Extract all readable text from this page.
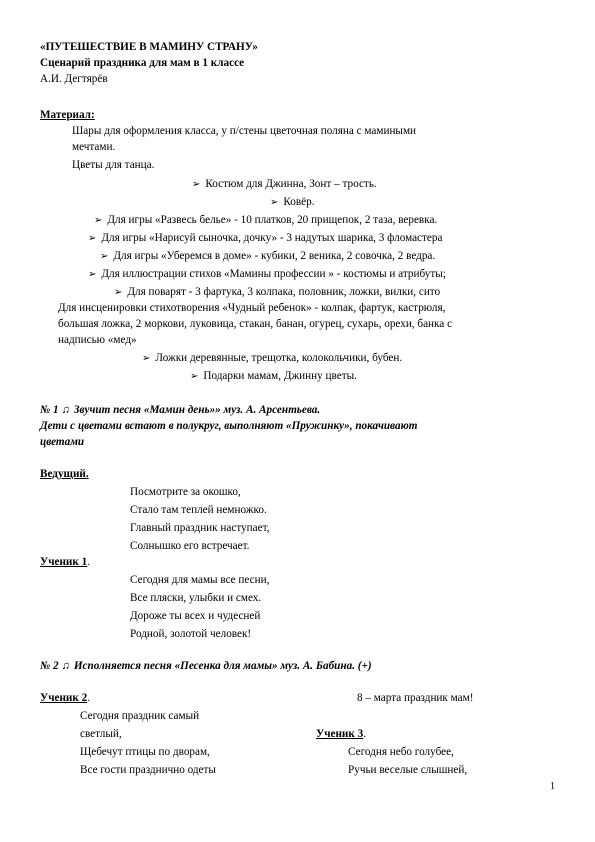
«ПУТЕШЕСТВИЕ В МАМИНУ СТРАНУ»
Сценарий праздника для мам в 1 классе
А.И. Дегтярёв
Материал:
Шары для оформления класса, у п/стены цветочная поляна с мамиными
мечтами.
Цветы для танца.
➢ Костюм для Джинна, Зонт – трость.
➢ Ковёр.
➢ Для игры «Развесь белье» - 10 платков, 20 прищепок, 2 таза, веревка.
➢ Для игры «Нарисуй сыночка, дочку» - 3 надутых шарика, 3 фломастера
➢ Для игры «Уберемся в доме» - кубики, 2 веника, 2 совочка, 2 ведра.
➢ Для иллюстрации стихов «Мамины профессии » - костюмы и атрибуты;
➢ Для поварят - 3 фартука, 3 колпака, половник, ложки, вилки, сито
Для инсценировки стихотворения «Чудный ребенок» - колпак, фартук, кастрюля,
большая ложка, 2 моркови, луковица, стакан, банан, огурец, сухарь, орехи, банка с
надписью «мед»
➢ Ложки деревянные, трещотка, колокольчики, бубен.
➢ Подарки мамам, Джинну цветы.
№ 1 ♫ Звучит песня «Мамин день»» муз. А. Арсентьева.
Дети с цветами встают в полукруг, выполняют «Пружинку», покачивают
цветами
Ведущий.
Посмотрите за окошко,
Стало там теплей немножко.
Главный праздник наступает,
Солнышко его встречает.
Ученик 1.
Сегодня для мамы все песни,
Все пляски, улыбки и смех.
Дороже ты всех и чудесней
Родной, золотой человек!
№ 2 ♫ Исполняется песня «Песенка для мамы» муз. А. Бабина. (+)
Ученик 2.
Сегодня праздник самый
светлый,
Щебечут птицы по дворам,
Все гости празднично одеты
8 – марта праздник мам!
Ученик 3.
Сегодня небо голубее,
Ручьи веселые слышней,
1
